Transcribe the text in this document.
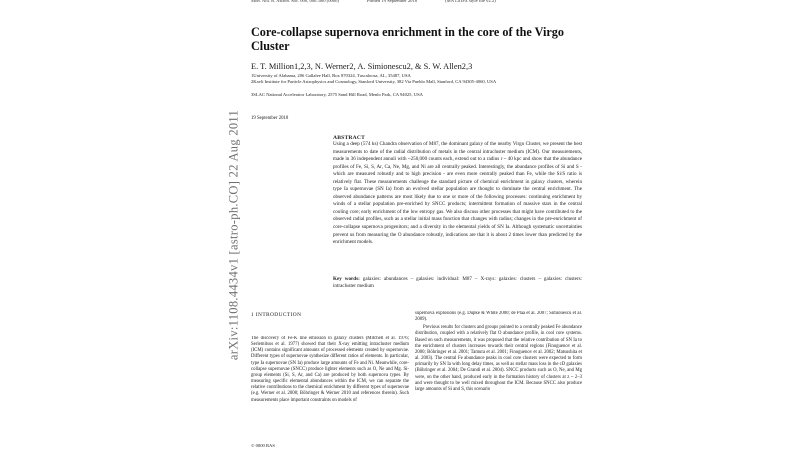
Mon. Not. R. Astron. Soc. 000, 000–000 (0000)	Printed 19 September 2018	(MN LaTeX style file v2.2)
Core-collapse supernova enrichment in the core of the Virgo Cluster
E. T. Million1,2,3, N. Werner2, A. Simionescu2, & S. W. Allen2,3
1University of Alabama, 206 Gallalee Hall, Box 870324, Tuscaloosa, AL, 35487, USA
2Kavli Institute for Particle Astrophysics and Cosmology, Stanford University, 382 Via Pueblo Mall, Stanford, CA 94305-4060, USA
3SLAC National Accelerator Laboratory, 2575 Sand Hill Road, Menlo Park, CA 94025, USA
19 September 2018
ABSTRACT
Using a deep (574 ks) Chandra observation of M87, the dominant galaxy of the nearby Virgo Cluster, we present the best measurements to date of the radial distribution of metals in the central intracluster medium (ICM). Our measurements, made in 36 independent annuli with ~250,000 counts each, extend out to a radius r ~ 40 kpc and show that the abundance profiles of Fe, Si, S, Ar, Ca, Ne, Mg, and Ni are all centrally peaked. Interestingly, the abundance profiles of Si and S - which are measured robustly and to high precision - are even more centrally peaked than Fe, while the Si/S ratio is relatively flat. These measurements challenge the standard picture of chemical enrichment in galaxy clusters, wherein type Ia supernovae (SN Ia) from an evolved stellar population are thought to dominate the central enrichment. The observed abundance patterns are most likely due to one or more of the following processes: continuing enrichment by winds of a stellar population pre-enriched by SNCC products; intermittent formation of massive stars in the central cooling core; early enrichment of the low entropy gas. We also discuss other processes that might have contributed to the observed radial profiles, such as a stellar initial mass function that changes with radius; changes in the pre-enrichment of core-collapse supernova progenitors; and a diversity in the elemental yields of SN Ia. Although systematic uncertainties prevent us from measuring the O abundance robustly, indications are that it is about 2 times lower than predicted by the enrichment models.
Key words: galaxies: abundances – galaxies: individual: M87 – X-rays: galaxies: clusters – galaxies: clusters: intracluster medium
1 INTRODUCTION

The discovery of Fe-K line emission in galaxy clusters (Mitchell et al. 1976; Serlemitsos et al. 1977) showed that their X-ray emitting intracluster medium (ICM) contains significant amounts of processed elements created by supernovae. Different types of supernovae synthesize different ratios of elements. In particular, type Ia supernovae (SN Ia) produce large amounts of Fe and Ni. Meanwhile, core-collapse supernovae (SNCC) produce lighter elements such as O, Ne and Mg. Si-group elements (Si, S, Ar, and Ca) are produced by both supernova types. By measuring specific elemental abundances within the ICM, we can separate the relative contributions to the chemical enrichment by different types of supernovae (e.g. Werner et al. 2008; Böhringer & Werner 2010 and references therein). Such measurements place important constraints on models of

supernova explosions (e.g. Dupke & White 2000; de Plaa et al. 2007; Simionescu et al. 2009).

Previous results for clusters and groups pointed to a centrally peaked Fe abundance distribution, coupled with a relatively flat O abundance profile, in cool core systems. Based on such measurements, it was proposed that the relative contribution of SN Ia to the enrichment of clusters increases towards their central regions (Finoguenov et al. 2000; Böhringer et al. 2001; Tamura et al. 2001; Finoguenov et al. 2002; Matsushita et al. 2003). The central Fe abundance peaks in cool core clusters were expected to form primarily by SN Ia with long delay times, as well as stellar mass loss in the cD galaxies (Böhringer et al. 2004; De Grandi et al. 2004). SNCC products such as O, Ne, and Mg were, on the other hand, produced early in the formation history of clusters at z ~ 2–3 and were thought to be well mixed throughout the ICM. Because SNCC also produce large amounts of Si and S, this scenario

© 0000 RAS
arXiv:1108.4434v1 [astro-ph.CO] 22 Aug 2011
